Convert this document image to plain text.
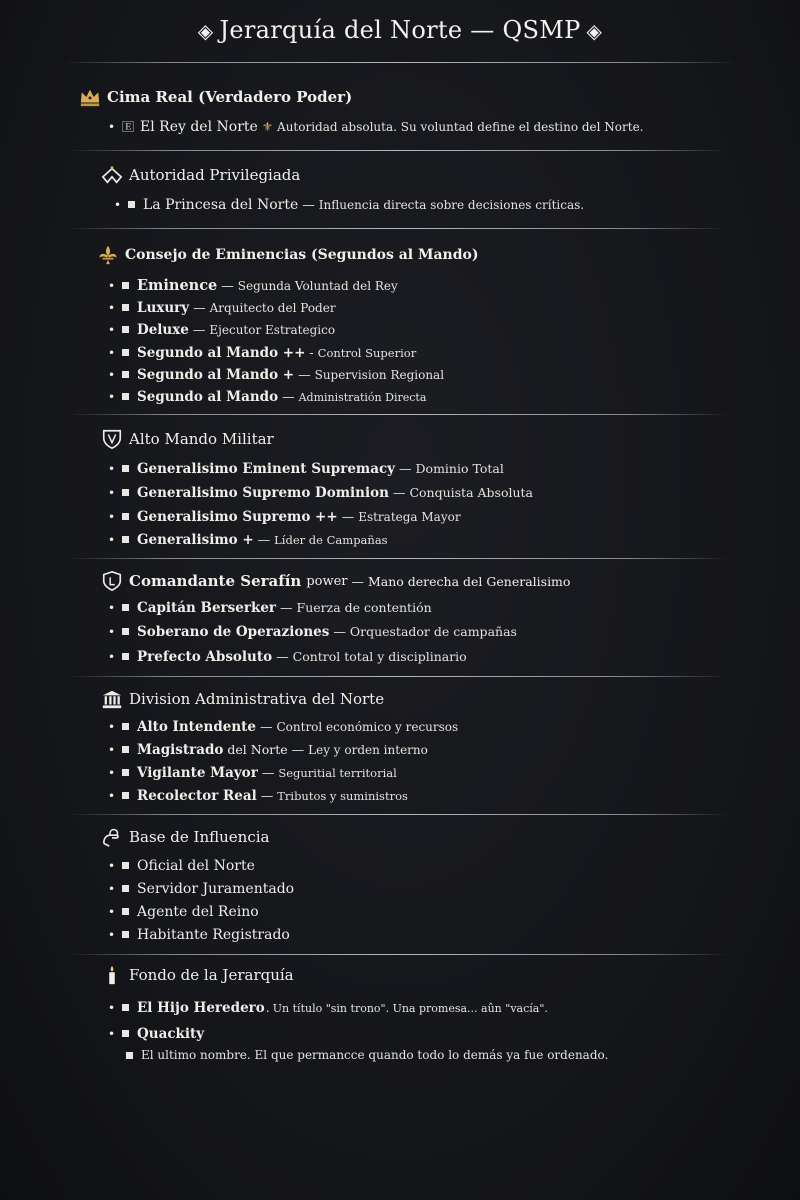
◈ Jerarquía del Norte — QSMP ◈
Cima Real (Verdadero Poder)
• 🄴 El Rey del Norte ⚜ Autoridad absoluta. Su voluntad define el destino del Norte.
Autoridad Privilegiada
•	La Princesa del Norte — Influencia directa sobre decisiones críticas.
Consejo de Eminencias (Segundos al Mando)
•	Eminence — Segunda Voluntad del Rey
•	Luxury — Arquitecto del Poder
•	Deluxe — Ejecutor Estrategico
•	Segundo al Mando ++ - Control Superior
•	Segundo al Mando + — Supervision Regional
•	Segundo al Mando — Administratión Directa
Alto Mando Militar
•	Generalisimo Eminent Supremacy — Dominio Total
•	Generalisimo Supremo Dominion — Conquista Absoluta
•	Generalisimo Supremo ++ — Estratega Mayor
•	Generalisimo + — Líder de Campañas
Comandante Serafín power — Mano derecha del Generalisimo
•	Capitán Berserker — Fuerza de contentión
•	Soberano de Operaziones — Orquestador de campañas
•	Prefecto Absoluto — Control total y disciplinario
Division Administrativa del Norte
•	Alto Intendente — Control económico y recursos
•	Magistrado del Norte — Ley y orden interno
•	Vigilante Mayor — Seguritial territorial
•	Recolector Real — Tributos y suministros
Base de Influencia
•	Oficial del Norte
•	Servidor Juramentado
•	Agente del Reino
•	Habitante Registrado
Fondo de la Jerarquía
•	El Hijo Heredero . Un título "sin trono". Una promesa... aûn "vacía".
•	Quackity
El ultimo nombre. El que permancce quando todo lo demás ya fue ordenado.
